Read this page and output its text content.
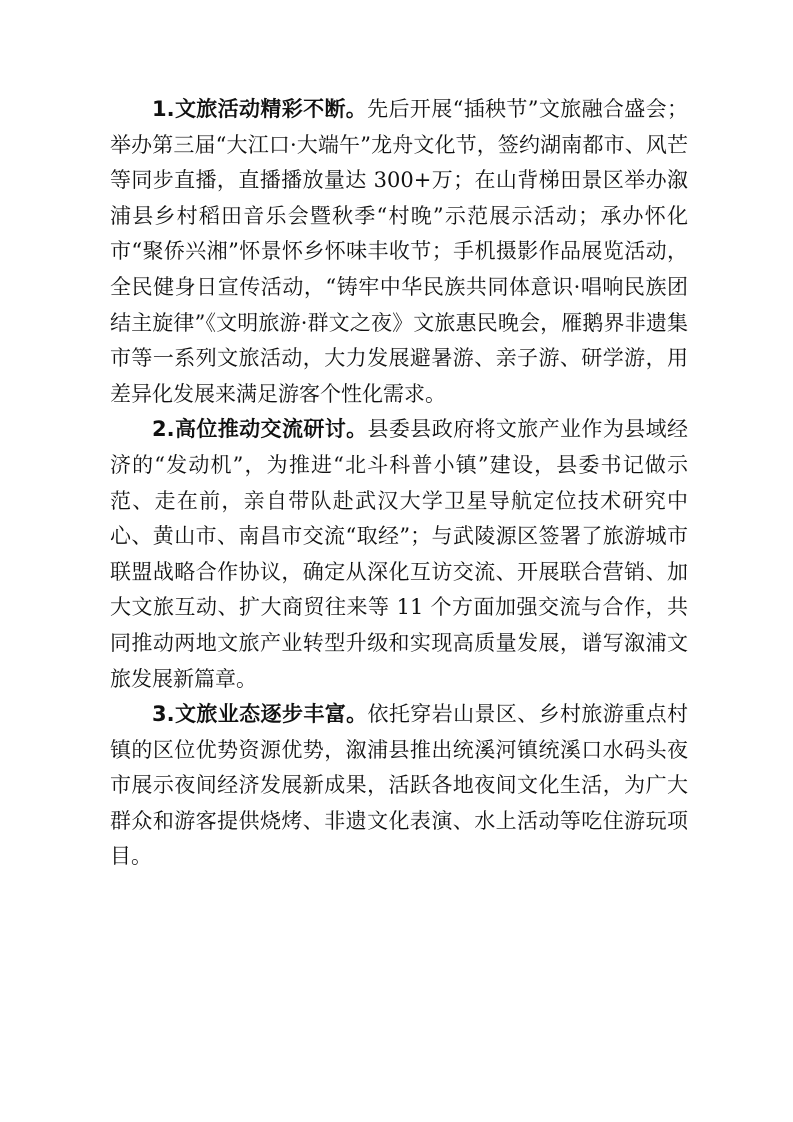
1.文旅活动精彩不断。先后开展“插秧节”文旅融合盛会；举办第三届“大江口·大端午”龙舟文化节，签约湖南都市、风芒等同步直播，直播播放量达 300+万；在山背梯田景区举办溆浦县乡村稻田音乐会暨秋季“村晚”示范展示活动；承办怀化市“聚侨兴湘”怀景怀乡怀味丰收节；手机摄影作品展览活动，全民健身日宣传活动，“铸牢中华民族共同体意识·唱响民族团结主旋律”《文明旅游·群文之夜》文旅惠民晚会，雁鹅界非遗集市等一系列文旅活动，大力发展避暑游、亲子游、研学游，用差异化发展来满足游客个性化需求。

2.高位推动交流研讨。县委县政府将文旅产业作为县域经济的“发动机”，为推进“北斗科普小镇”建设，县委书记做示范、走在前，亲自带队赴武汉大学卫星导航定位技术研究中心、黄山市、南昌市交流“取经”；与武陵源区签署了旅游城市联盟战略合作协议，确定从深化互访交流、开展联合营销、加大文旅互动、扩大商贸往来等 11 个方面加强交流与合作，共同推动两地文旅产业转型升级和实现高质量发展，谱写溆浦文旅发展新篇章。

3.文旅业态逐步丰富。依托穿岩山景区、乡村旅游重点村镇的区位优势资源优势，溆浦县推出统溪河镇统溪口水码头夜市展示夜间经济发展新成果，活跃各地夜间文化生活，为广大群众和游客提供烧烤、非遗文化表演、水上活动等吃住游玩项目。
